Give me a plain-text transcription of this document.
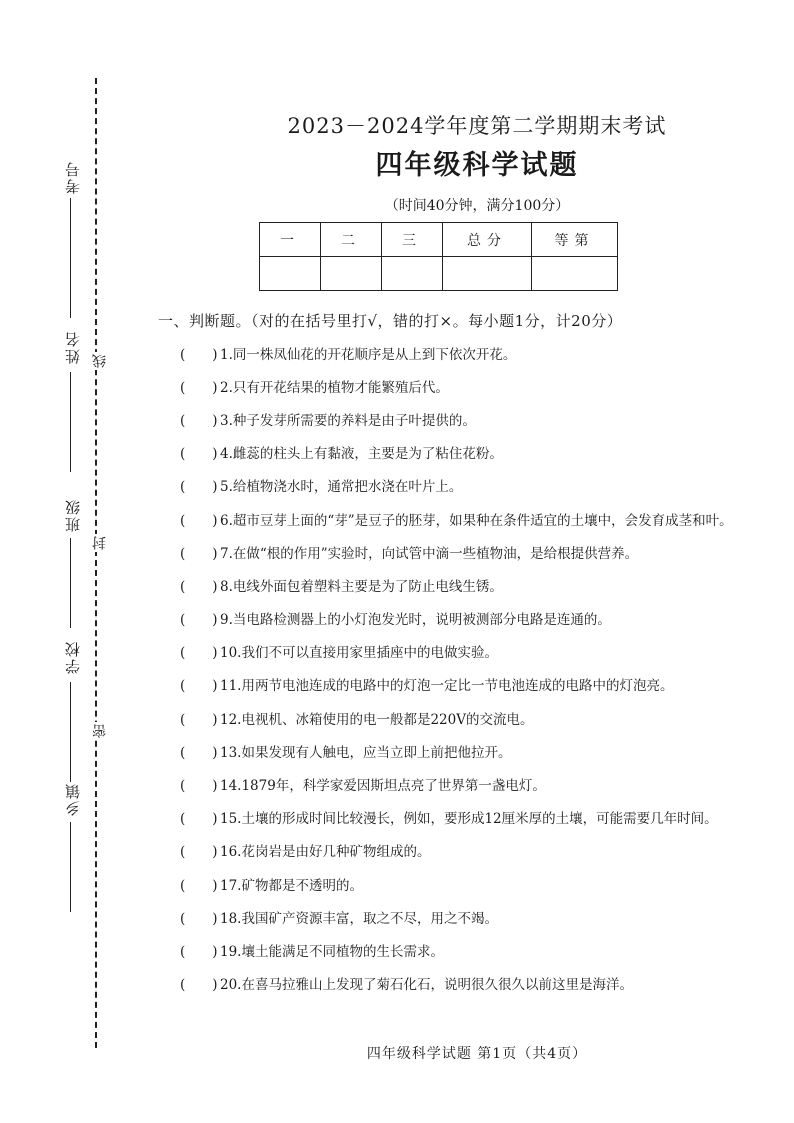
考号
姓名
班级
学校
乡镇
线
封
密
2023－2024学年度第二学期期末考试
四年级科学试题
（时间40分钟，满分100分）
一	二	三	总分	等第

一、判断题。（对的在括号里打√，错的打×。每小题1分，计20分）
(　　) 1.同一株凤仙花的开花顺序是从上到下依次开花。
(　　) 2.只有开花结果的植物才能繁殖后代。
(　　) 3.种子发芽所需要的养料是由子叶提供的。
(　　) 4.雌蕊的柱头上有黏液，主要是为了粘住花粉。
(　　) 5.给植物浇水时，通常把水浇在叶片上。
(　　) 6.超市豆芽上面的“芽”是豆子的胚芽，如果种在条件适宜的土壤中，会发育成茎和叶。
(　　) 7.在做“根的作用”实验时，向试管中滴一些植物油，是给根提供营养。
(　　) 8.电线外面包着塑料主要是为了防止电线生锈。
(　　) 9.当电路检测器上的小灯泡发光时，说明被测部分电路是连通的。
(　　) 10.我们不可以直接用家里插座中的电做实验。
(　　) 11.用两节电池连成的电路中的灯泡一定比一节电池连成的电路中的灯泡亮。
(　　) 12.电视机、冰箱使用的电一般都是220V的交流电。
(　　) 13.如果发现有人触电，应当立即上前把他拉开。
(　　) 14.1879年，科学家爱因斯坦点亮了世界第一盏电灯。
(　　) 15.土壤的形成时间比较漫长，例如，要形成12厘米厚的土壤，可能需要几年时间。
(　　) 16.花岗岩是由好几种矿物组成的。
(　　) 17.矿物都是不透明的。
(　　) 18.我国矿产资源丰富，取之不尽，用之不竭。
(　　) 19.壤土能满足不同植物的生长需求。
(　　) 20.在喜马拉雅山上发现了菊石化石，说明很久很久以前这里是海洋。
四年级科学试题 第1页（共4页）
